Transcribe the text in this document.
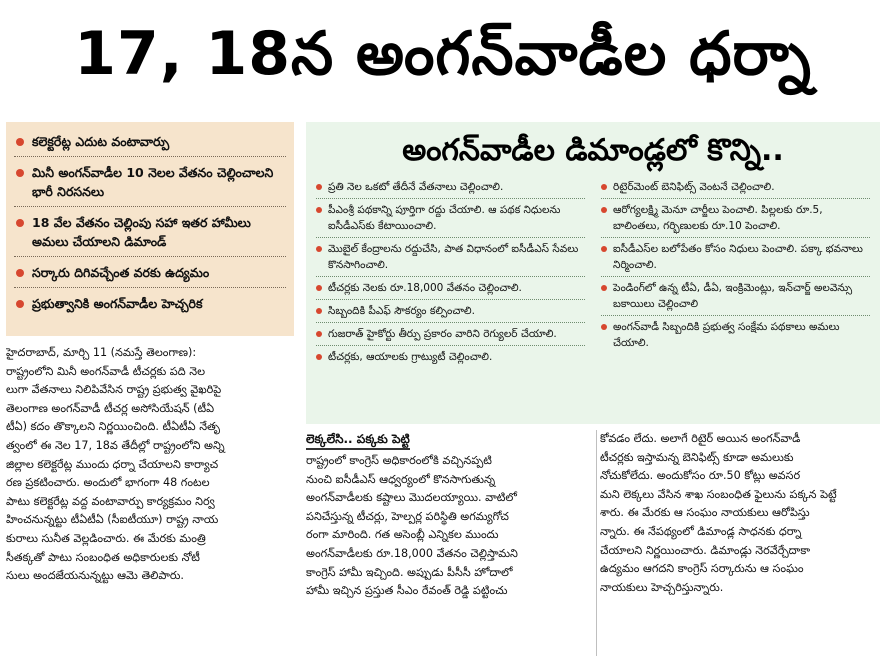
17, 18న అంగన్‌వాడీల ధర్నా
కలెక్టరేట్ల ఎదుట వంటావార్పు
మినీ అంగన్‌వాడీల 10 నెలల వేతనం చెల్లించాలని భారీ నిరసనలు
18 వేల వేతనం చెల్లింపు సహా ఇతర హామీలు అమలు చేయాలని డిమాండ్
సర్కారు దిగివచ్చేంత వరకు ఉద్యమం
ప్రభుత్వానికి అంగన్‌వాడీల హెచ్చరిక
అంగన్‌వాడీల డిమాండ్లలో కొన్ని..
ప్రతి నెల ఒకటో తేదీనే వేతనాలు చెల్లించాలి.
పీఎంశ్రీ పథకాన్ని పూర్తిగా రద్దు చేయాలి. ఆ పథక నిధులను ఐసీడీఎస్‌కు కేటాయించాలి.
మొబైల్ కేంద్రాలను రద్దుచేసి, పాత విధానంలో ఐసీడీఎస్ సేవలు కొనసాగించాలి.
టీచర్లకు నెలకు రూ.18,000 వేతనం చెల్లించాలి.
సిబ్బందికి పీఎఫ్ సౌకర్యం కల్పించాలి.
గుజరాత్ హైకోర్టు తీర్పు ప్రకారం వారిని రెగ్యులర్ చేయాలి.
టీచర్లకు, ఆయాలకు గ్రాట్యుటీ చెల్లించాలి.
రిటైర్‌మెంట్ బెనిఫిట్స్ వెంటనే చెల్లించాలి.
ఆరోగ్యలక్ష్మి మెనూ చార్జీలు పెంచాలి. పిల్లలకు రూ.5, బాలింతలు, గర్భిణులకు రూ.10 పెంచాలి.
ఐసీడీఎస్‌ల బలోపేతం కోసం నిధులు పెంచాలి. పక్కా భవనాలు నిర్మించాలి.
పెండింగ్‌లో ఉన్న టీఏ, డీఏ, ఇంక్రిమెంట్లు, ఇన్‌చార్జ్ అలవెన్సు బకాయిలు చెల్లించాలి
అంగన్‌వాడీ సిబ్బందికి ప్రభుత్వ సంక్షేమ పథకాలు అమలు చేయాలి.
హైదరాబాద్, మార్చి 11 (నమస్తే తెలంగాణ):
రాష్ట్రంలోని మినీ అంగన్‌వాడీ టీచర్లకు పది నెల
లుగా వేతనాలు నిలిపివేసిన రాష్ట్ర ప్రభుత్వ వైఖరిపై
తెలంగాణ అంగన్‌వాడీ టీచర్ల అసోసియేషన్ (టీఏ
టీఏ) కదం తొక్కాలని నిర్ణయించింది. టీఏటీఏ నేతృ
త్వంలో ఈ నెల 17, 18వ తేదీల్లో రాష్ట్రంలోని అన్ని
జిల్లాల కలెక్టరేట్ల ముందు ధర్నా చేయాలని కార్యాచ
రణ ప్రకటించారు. అందులో భాగంగా 48 గంటల
పాటు కలెక్టరేట్ల వద్ద వంటావార్పు కార్యక్రమం నిర్వ
హించనున్నట్టు టీఏటీఏ (సీఐటీయూ) రాష్ట్ర నాయ
కురాలు సునీత వెల్లడించారు. ఈ మేరకు మంత్రి
సీతక్కతో పాటు సంబంధిత అధికారులకు నోటీ
సులు అందజేయనున్నట్టు ఆమె తెలిపారు.
లెక్కలేసి.. పక్కకు పెట్టి
రాష్ట్రంలో కాంగ్రెస్ అధికారంలోకి వచ్చినప్పటి
నుంచి ఐసీడీఎస్ ఆధ్వర్యంలో కొనసాగుతున్న
అంగన్‌వాడీలకు కష్టాలు మొదలయ్యాయి. వాటిలో
పనిచేస్తున్న టీచర్లు, హెల్పర్ల పరిస్థితి అగమ్యగోచ
రంగా మారింది. గత అసెంబ్లీ ఎన్నికల ముందు
అంగన్‌వాడీలకు రూ.18,000 వేతనం చెల్లిస్తామని
కాంగ్రెస్ హామీ ఇచ్చింది. అప్పుడు పీసీసీ హోదాలో
హామీ ఇచ్చిన ప్రస్తుత సీఎం రేవంత్ రెడ్డి పట్టించు
కోవడం లేదు. అలాగే రిటైర్ అయిన అంగన్‌వాడీ
టీచర్లకు ఇస్తామన్న బెనిఫిట్స్ కూడా అమలుకు
నోచుకోలేదు. అందుకోసం రూ.50 కోట్లు అవసర
మని లెక్కలు వేసిన శాఖ సంబంధిత ఫైలును పక్కన పెట్టే
శారు. ఈ మేరకు ఆ సంఘం నాయకులు ఆరోపిస్తు
న్నారు. ఈ నేపథ్యంలో డిమాండ్ల సాధనకు ధర్నా
చేయాలని నిర్ణయించారు. డిమాండ్లు నెరవేర్చేదాకా
ఉద్యమం ఆగదని కాంగ్రెస్ సర్కారును ఆ సంఘం
నాయకులు హెచ్చరిస్తున్నారు.
